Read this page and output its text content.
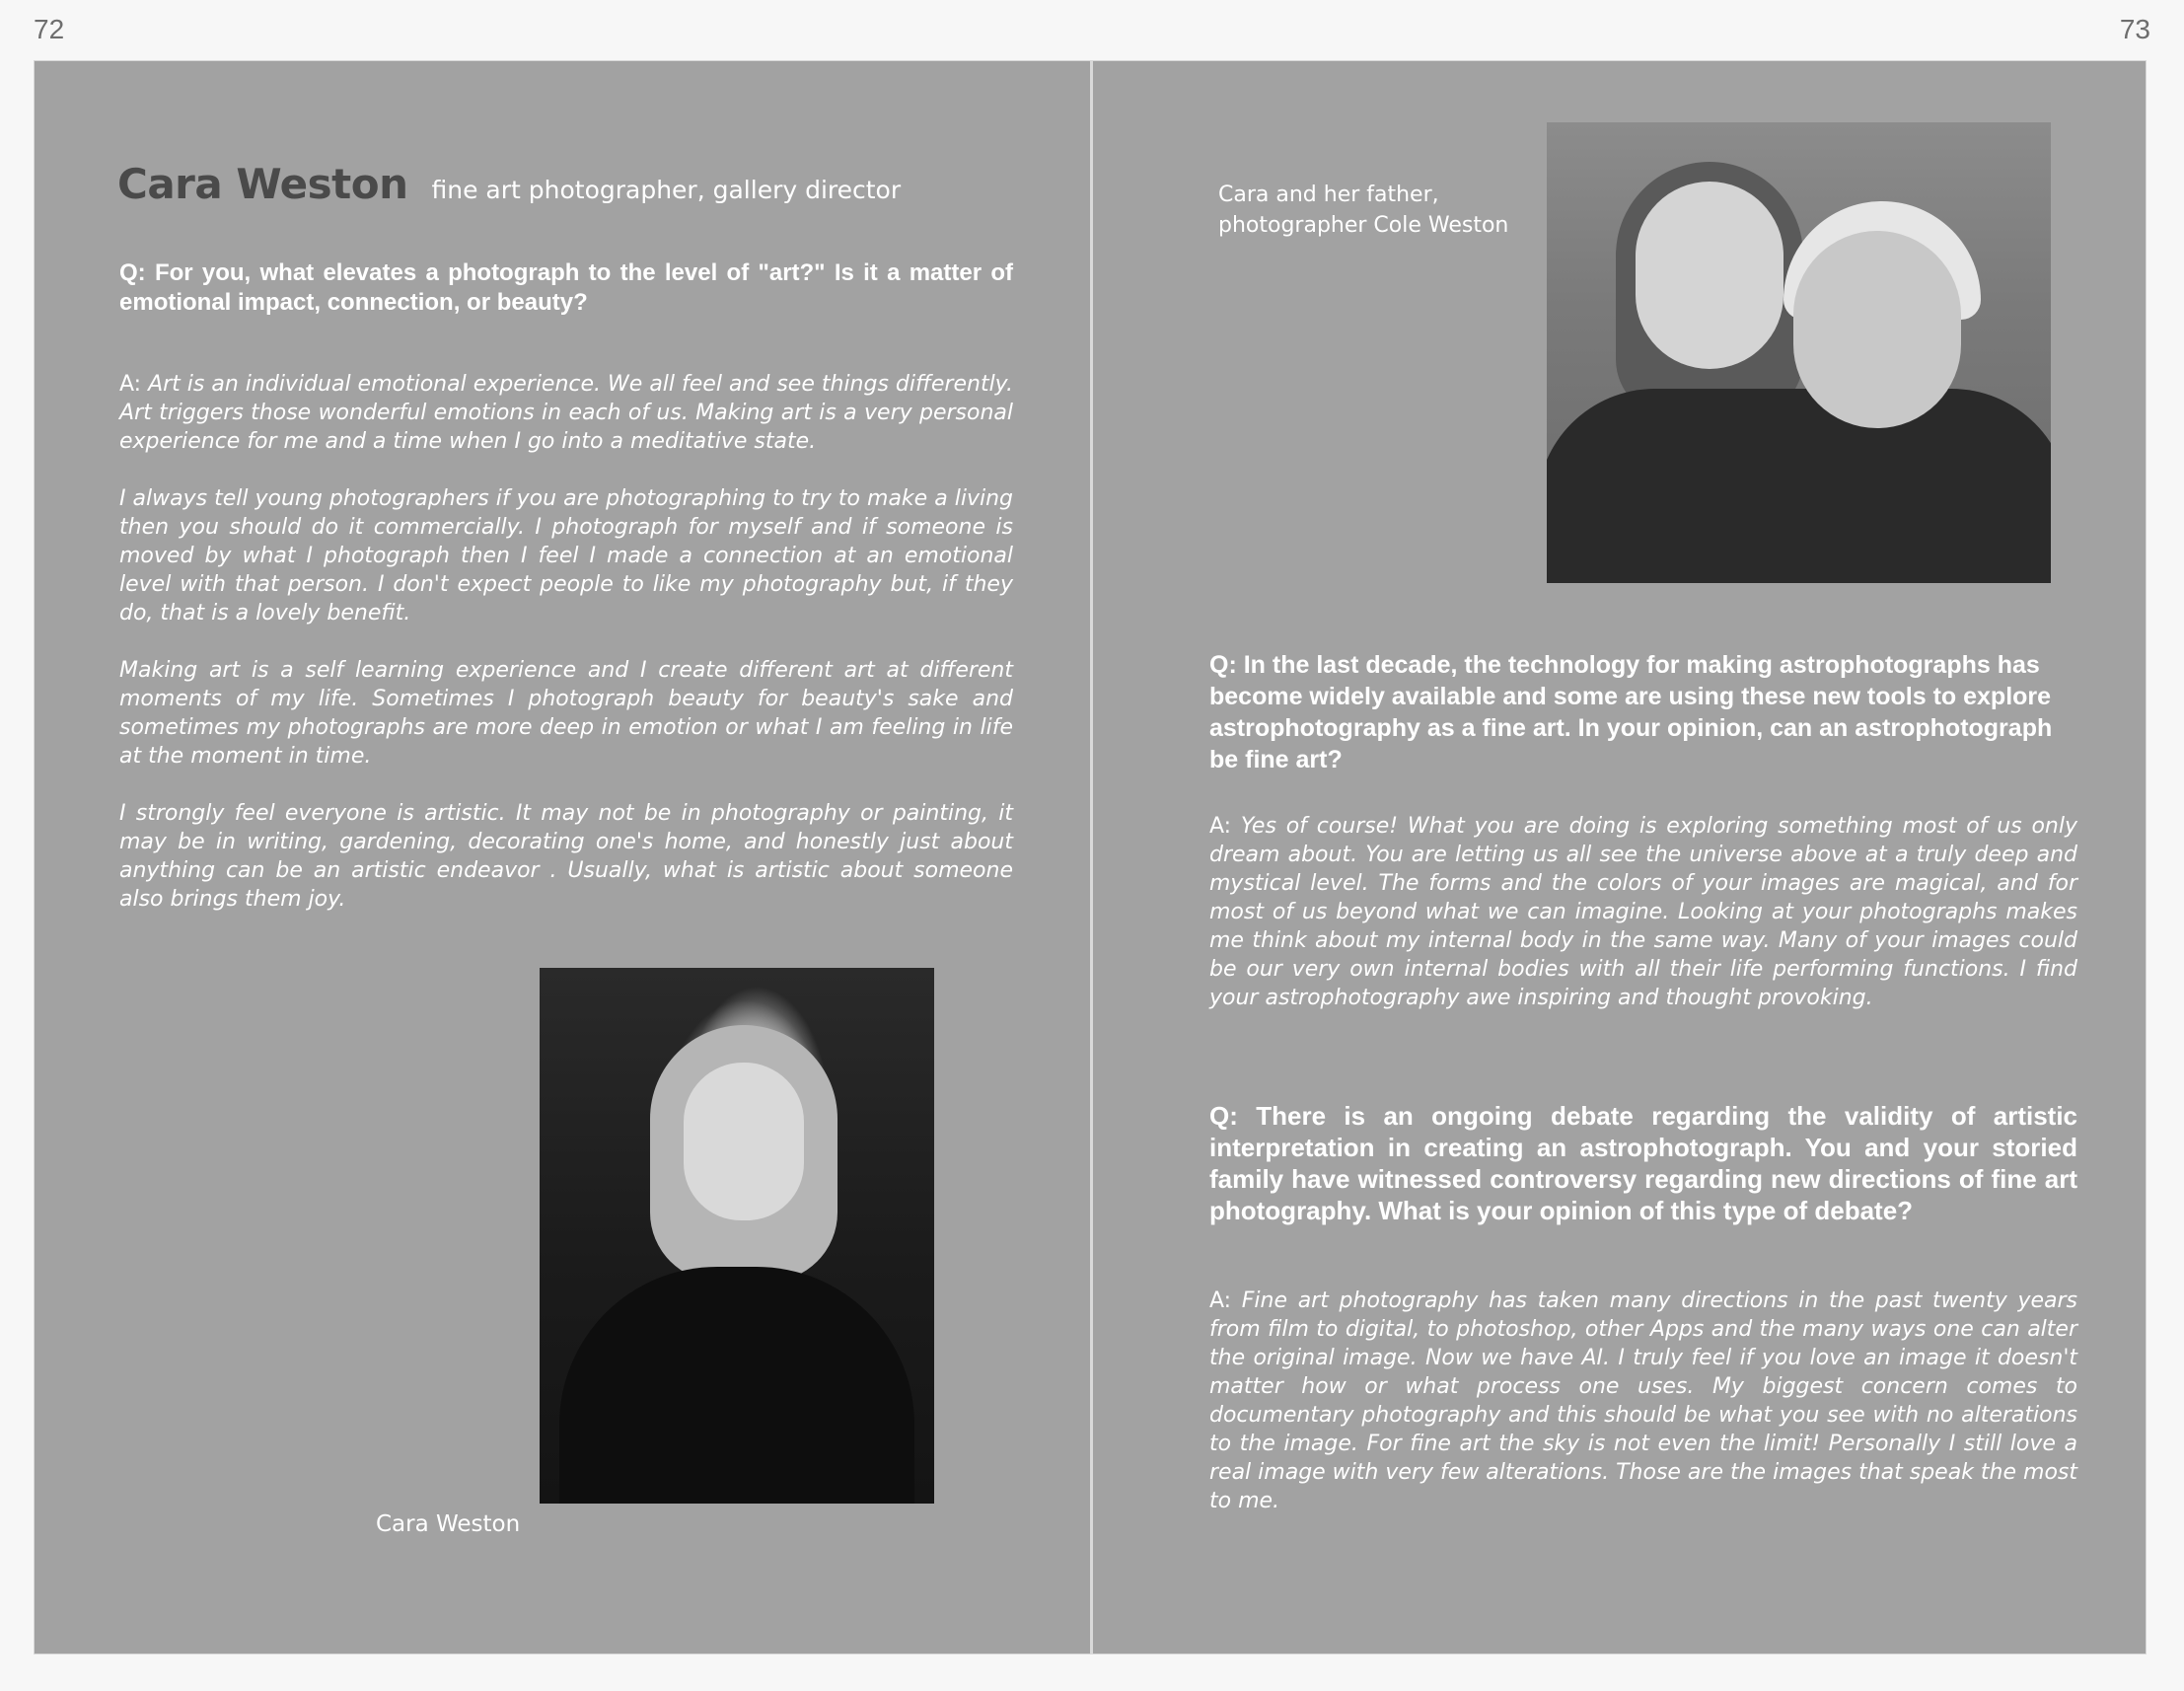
72	73
Cara Weston fine art photographer, gallery director
Q: For you, what elevates a photograph to the level of "art?" Is it a matter of emotional impact, connection, or beauty?

A: Art is an individual emotional experience. We all feel and see things differently. Art triggers those wonderful emotions in each of us. Making art is a very personal experience for me and a time when I go into a meditative state.

I always tell young photographers if you are photographing to try to make a living then you should do it commercially. I photograph for myself and if someone is moved by what I photograph then I feel I made a connection at an emotional level with that person. I don't expect people to like my photography but, if they do, that is a lovely benefit.

Making art is a self learning experience and I create different art at different moments of my life. Sometimes I photograph beauty for beauty's sake and sometimes my photographs are more deep in emotion or what I am feeling in life at the moment in time.

I strongly feel everyone is artistic. It may not be in photography or painting, it may be in writing, gardening, decorating one's home, and honestly just about anything can be an artistic endeavor . Usually, what is artistic about someone also brings them joy.

Cara Weston
Cara and her father,
photographer Cole Weston
Q: In the last decade, the technology for making astrophotographs has become widely available and some are using these new tools to explore astrophotography as a fine art. In your opinion, can an astrophotograph be fine art?

A: Yes of course! What you are doing is exploring something most of us only dream about. You are letting us all see the universe above at a truly deep and mystical level. The forms and the colors of your images are magical, and for most of us beyond what we can imagine. Looking at your photographs makes me think about my internal body in the same way. Many of your images could be our very own internal bodies with all their life performing functions. I find your astrophotography awe inspiring and thought provoking.

Q: There is an ongoing debate regarding the validity of artistic interpretation in creating an astrophotograph. You and your storied family have witnessed controversy regarding new directions of fine art photography. What is your opinion of this type of debate?

A: Fine art photography has taken many directions in the past twenty years from film to digital, to photoshop, other Apps and the many ways one can alter the original image. Now we have AI. I truly feel if you love an image it doesn't matter how or what process one uses. My biggest concern comes to documentary photography and this should be what you see with no alterations to the image. For fine art the sky is not even the limit! Personally I still love a real image with very few alterations. Those are the images that speak the most to me.
